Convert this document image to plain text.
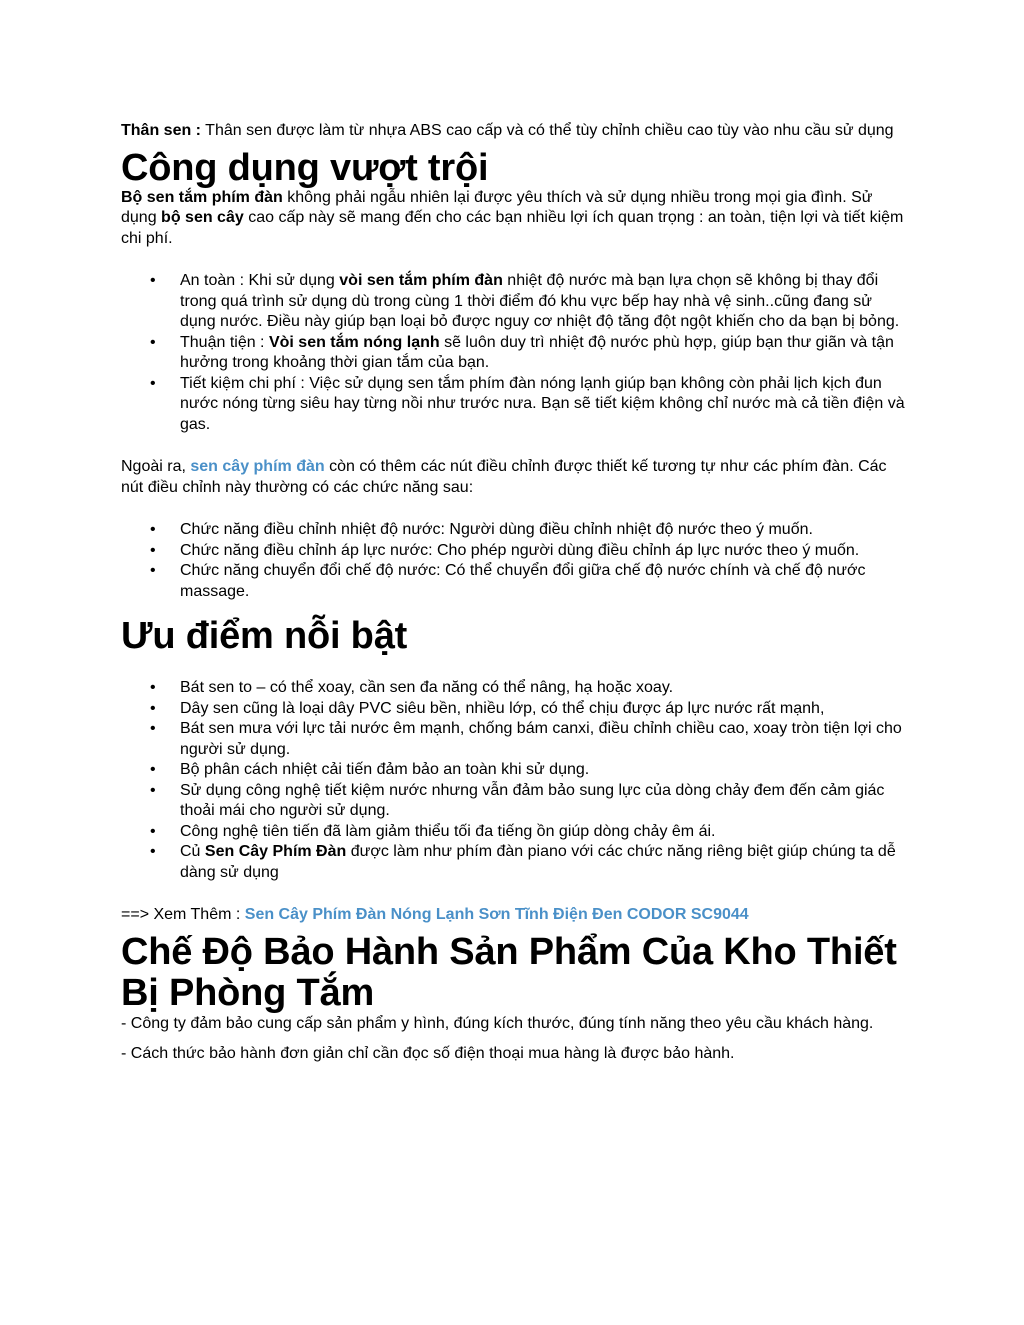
Thân sen : Thân sen được làm từ nhựa ABS cao cấp và có thể tùy chỉnh chiều cao tùy vào nhu cầu sử dụng

Công dụng vượt trội

Bộ sen tắm phím đàn không phải ngẫu nhiên lại được yêu thích và sử dụng nhiều trong mọi gia đình. Sử dụng bộ sen cây cao cấp này sẽ mang đến cho các bạn nhiều lợi ích quan trọng : an toàn, tiện lợi và tiết kiệm chi phí.

• An toàn : Khi sử dụng vòi sen tắm phím đàn nhiệt độ nước mà bạn lựa chọn sẽ không bị thay đổi trong quá trình sử dụng dù trong cùng 1 thời điểm đó khu vực bếp hay nhà vệ sinh..cũng đang sử dụng nước. Điều này giúp bạn loại bỏ được nguy cơ nhiệt độ tăng đột ngột khiến cho da bạn bị bỏng.
• Thuận tiện : Vòi sen tắm nóng lạnh sẽ luôn duy trì nhiệt độ nước phù hợp, giúp bạn thư giãn và tận hưởng trong khoảng thời gian tắm của bạn.
• Tiết kiệm chi phí : Việc sử dụng sen tắm phím đàn nóng lạnh giúp bạn không còn phải lịch kịch đun nước nóng từng siêu hay từng nồi như trước nưa. Bạn sẽ tiết kiệm không chỉ nước mà cả tiền điện và gas.

Ngoài ra, sen cây phím đàn còn có thêm các nút điều chỉnh được thiết kế tương tự như các phím đàn. Các nút điều chỉnh này thường có các chức năng sau:

• Chức năng điều chỉnh nhiệt độ nước: Người dùng điều chỉnh nhiệt độ nước theo ý muốn.
• Chức năng điều chỉnh áp lực nước: Cho phép người dùng điều chỉnh áp lực nước theo ý muốn.
• Chức năng chuyển đổi chế độ nước: Có thể chuyển đổi giữa chế độ nước chính và chế độ nước massage.
Ưu điểm nỗi bật
• Bát sen to – có thể xoay, cần sen đa năng có thể nâng, hạ hoặc xoay.
• Dây sen cũng là loại dây PVC siêu bền, nhiều lớp, có thể chịu được áp lực nước rất mạnh,
• Bát sen mưa với lực tải nước êm mạnh, chống bám canxi, điều chỉnh chiều cao, xoay tròn tiện lợi cho người sử dụng.
• Bộ phân cách nhiệt cải tiến đảm bảo an toàn khi sử dụng.
• Sử dụng công nghệ tiết kiệm nước nhưng vẫn đảm bảo sung lực của dòng chảy đem đến cảm giác thoải mái cho người sử dụng.
• Công nghệ tiên tiến đã làm giảm thiểu tối đa tiếng ồn giúp dòng chảy êm ái.
• Củ Sen Cây Phím Đàn được làm như phím đàn piano với các chức năng riêng biệt giúp chúng ta dễ dàng sử dụng

==> Xem Thêm : Sen Cây Phím Đàn Nóng Lạnh Sơn Tĩnh Điện Đen CODOR SC9044

Chế Độ Bảo Hành Sản Phẩm Của Kho Thiết Bị Phòng Tắm

- Công ty đảm bảo cung cấp sản phẩm y hình, đúng kích thước, đúng tính năng theo yêu cầu khách hàng.

- Cách thức bảo hành đơn giản chỉ cần đọc số điện thoại mua hàng là được bảo hành.
